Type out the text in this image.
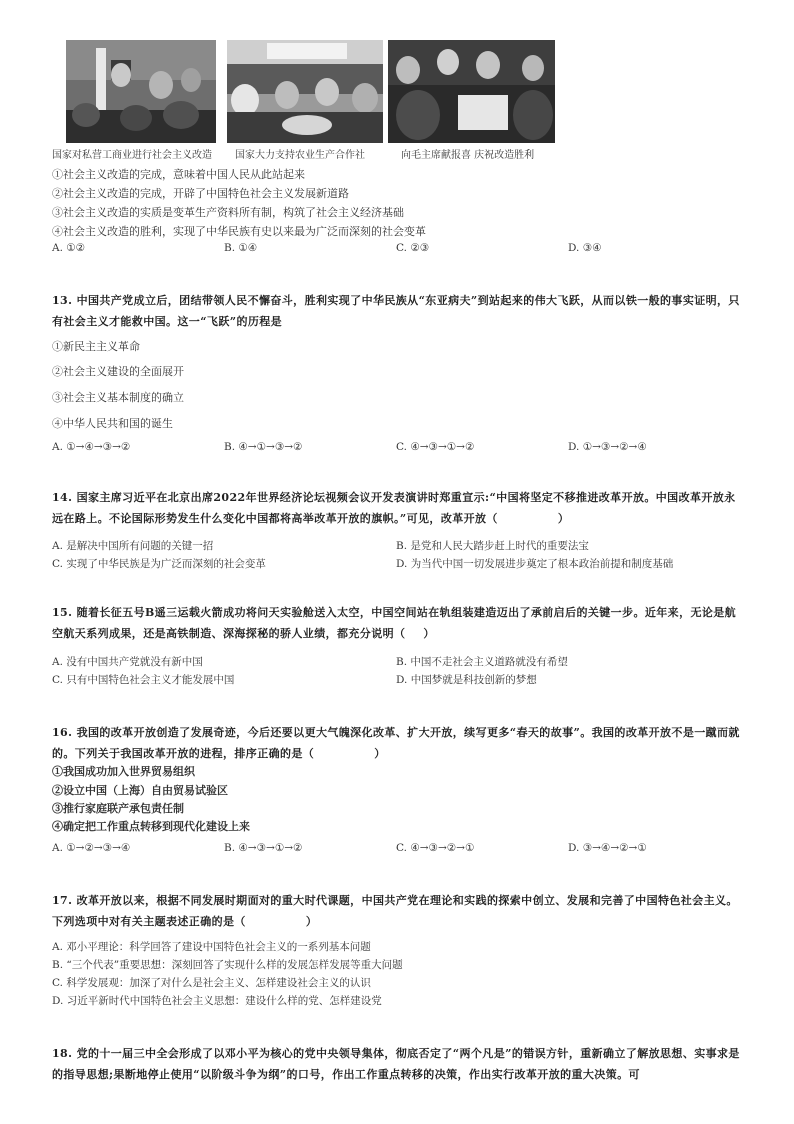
国家对私营工商业进行社会主义改造 国家大力支持农业生产合作社	向毛主席献报喜 庆祝改造胜利
①社会主义改造的完成，意味着中国人民从此站起来
②社会主义改造的完成，开辟了中国特色社会主义发展新道路
③社会主义改造的实质是变革生产资料所有制，构筑了社会主义经济基础
④社会主义改造的胜利，实现了中华民族有史以来最为广泛而深刻的社会变革
A. ①②	B. ①④	C. ②③	D. ③④
13. 中国共产党成立后，团结带领人民不懈奋斗，胜利实现了中华民族从“东亚病夫”到站起来的伟大飞跃，从而以铁一般的事实证明，只有社会主义才能救中国。这一“飞跃”的历程是
①新民主主义革命
②社会主义建设的全面展开
③社会主义基本制度的确立
④中华人民共和国的诞生
A. ①→④→③→②	B. ④→①→③→②	C. ④→③→①→②	D. ①→③→②→④
14. 国家主席习近平在北京出席2022年世界经济论坛视频会议开发表演讲时郑重宣示:“中国将坚定不移推进改革开放。中国改革开放永远在路上。不论国际形势发生什么变化中国都将高举改革开放的旗帜。”可见，改革开放（	）
A. 是解决中国所有问题的关键一招	B. 是党和人民大踏步赶上时代的重要法宝
C. 实现了中华民族是为广泛而深刻的社会变革	D. 为当代中国一切发展进步奠定了根本政治前提和制度基础
15. 随着长征五号B遥三运载火箭成功将问天实验舱送入太空，中国空间站在轨组装建造迈出了承前启后的关键一步。近年来，无论是航空航天系列成果，还是高铁制造、深海探秘的骄人业绩，都充分说明（ ）
A. 没有中国共产党就没有新中国	B. 中国不走社会主义道路就没有希望
C. 只有中国特色社会主义才能发展中国	D. 中国梦就是科技创新的梦想
16. 我国的改革开放创造了发展奇迹，今后还要以更大气魄深化改革、扩大开放，续写更多“春天的故事”。我国的改革开放不是一蹴而就的。下列关于我国改革开放的进程，排序正确的是（	）
①我国成功加入世界贸易组织
②设立中国（上海）自由贸易试验区
③推行家庭联产承包责任制
④确定把工作重点转移到现代化建设上来
A. ①→②→③→④	B. ④→③→①→②	C. ④→③→②→①	D. ③→④→②→①
17. 改革开放以来，根据不同发展时期面对的重大时代课题，中国共产党在理论和实践的探索中创立、发展和完善了中国特色社会主义。下列选项中对有关主题表述正确的是（	）
A. 邓小平理论：科学回答了建设中国特色社会主义的一系列基本问题
B. “三个代表”重要思想：深刻回答了实现什么样的发展怎样发展等重大问题
C. 科学发展观：加深了对什么是社会主义、怎样建设社会主义的认识
D. 习近平新时代中国特色社会主义思想：建设什么样的党、怎样建设党
18. 党的十一届三中全会形成了以邓小平为核心的党中央领导集体，彻底否定了“两个凡是”的错误方针，重新确立了解放思想、实事求是的指导思想;果断地停止使用“以阶级斗争为纲”的口号，作出工作重点转移的决策，作出实行改革开放的重大决策。可
